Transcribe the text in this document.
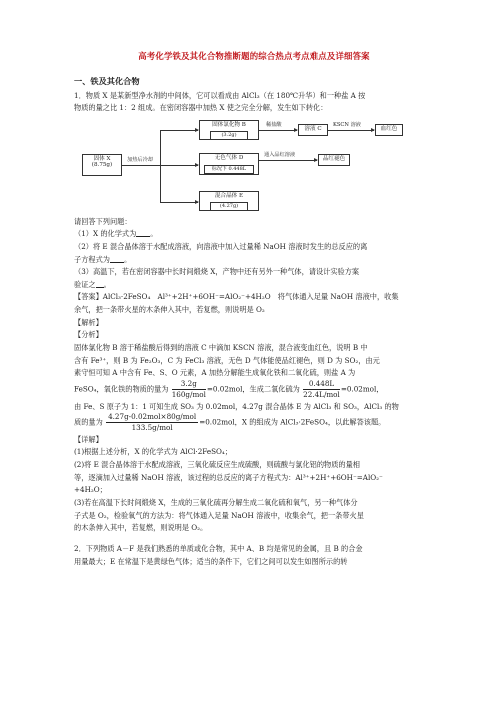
高考化学铁及其化合物推断题的综合热点考点难点及详细答案
一、铁及其化合物

1．物质 X 是某新型净水剂的中间体，它可以看成由 AlCl₃（在 180℃升华）和一种盐 A 按

物质的量之比 1：2 组成。在密闭容器中加热 X 使之完全分解，发生如下转化：

固体 X
(8.75g)
加热后冷却
固体氯化物 B
(3.2g)
稀盐酸
溶液 C
KSCN 溶液
血红色
无色气体 D
标况下 0.448L
通入品红溶液
品红褪色
混合晶体 E
(4.27g)

请回答下列问题：

（1）X 的化学式为 。

（2）将 E 混合晶体溶于水配成溶液，向溶液中加入过量稀 NaOH 溶液时发生的总反应的离

子方程式为 。

（3）高温下，若在密闭容器中长时间煅烧 X，产物中还有另外一种气体，请设计实验方案

验证之 。

【答案】AlCl₃·2FeSO₄　Al³⁺+2H⁺+6OH⁻=AlO₂⁻+4H₂O　将气体通入足量 NaOH 溶液中，收集

余气，把一条带火星的木条伸入其中，若复燃，则说明是 O₂

【解析】

【分析】

固体氯化物 B 溶于稀盐酸后得到的溶液 C 中滴加 KSCN 溶液，混合液变血红色，说明 B 中

含有 Fe³⁺，则 B 为 Fe₂O₃，C 为 FeCl₃ 溶液，无色 D 气体能使品红褪色，则 D 为 SO₂，由元

素守恒可知 A 中含有 Fe、S、O 元素，A 加热分解能生成氧化铁和二氧化硫，则盐 A 为

FeSO₄，氧化铁的物质的量为 $\frac{3.2g}{\text{160g/mol}} =0.02mol$，生成二氧化硫为 $\frac{0.448L}{\text{22.4L/mol}} =0.02mol$，

由 Fe、S 原子为 1：1 可知生成 SO₃ 为 0.02mol，4.27g 混合晶体 E 为 AlCl₃ 和 SO₃，AlCl₃ 的物

质的量为 $\frac{\text{4.27g-0.02mol×80g/mol}}{\text{133.5g/mol}} =0.02mol$，X 的组成为 AlCl₃·2FeSO₄，以此解答该题。

【详解】

(1)根据上述分析，X 的化学式为 AlCl·2FeSO₄；

(2)将 E 混合晶体溶于水配成溶液，三氧化硫反应生成硫酸，则硫酸与氯化铝的物质的量相

等，逐滴加入过量稀 NaOH 溶液，该过程的总反应的离子方程式为：Al³⁺+2H⁺+6OH⁻=AlO₂⁻

+4H₂O；

(3)若在高温下长时间煅烧 X，生成的三氧化硫再分解生成二氧化硫和氧气，另一种气体分

子式是 O₂，检验氧气的方法为：将气体通入足量 NaOH 溶液中，收集余气，把一条带火星

的木条伸入其中，若复燃，则说明是 O₂。

2．下列物质 A－F 是我们熟悉的单质或化合物，其中 A、B 均是常见的金属，且 B 的合金

用量最大；E 在常温下是黄绿色气体；适当的条件下，它们之间可以发生如图所示的转
